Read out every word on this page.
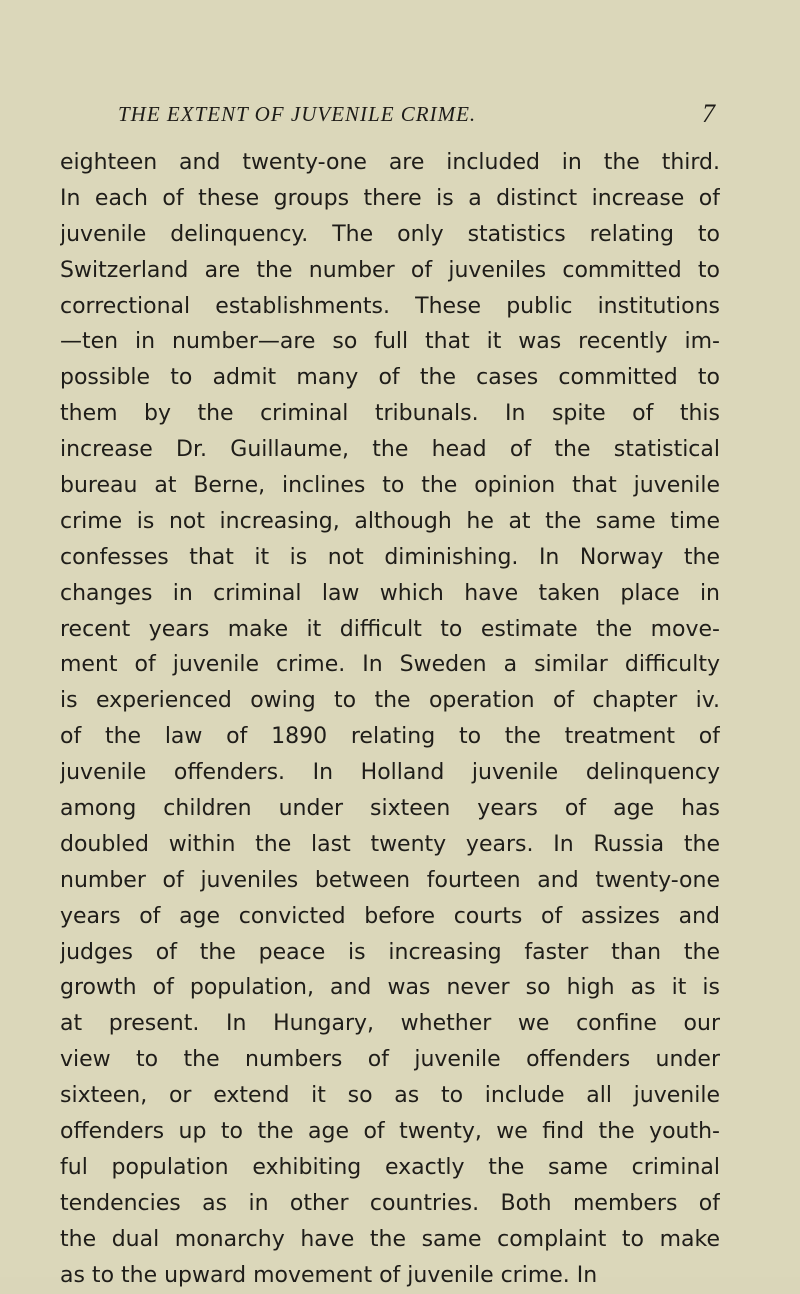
THE EXTENT OF JUVENILE CRIME.	7
eighteen and twenty-one are included in the third.
In each of these groups there is a distinct increase of
juvenile delinquency. The only statistics relating to
Switzerland are the number of juveniles committed to
correctional establishments. These public institutions
—ten in number—are so full that it was recently im-
possible to admit many of the cases committed to
them by the criminal tribunals. In spite of this
increase Dr. Guillaume, the head of the statistical
bureau at Berne, inclines to the opinion that juvenile
crime is not increasing, although he at the same time
confesses that it is not diminishing. In Norway the
changes in criminal law which have taken place in
recent years make it difficult to estimate the move-
ment of juvenile crime. In Sweden a similar difficulty
is experienced owing to the operation of chapter iv.
of the law of 1890 relating to the treatment of
juvenile offenders. In Holland juvenile delinquency
among children under sixteen years of age has
doubled within the last twenty years. In Russia the
number of juveniles between fourteen and twenty-one
years of age convicted before courts of assizes and
judges of the peace is increasing faster than the
growth of population, and was never so high as it is
at present. In Hungary, whether we confine our
view to the numbers of juvenile offenders under
sixteen, or extend it so as to include all juvenile
offenders up to the age of twenty, we find the youth-
ful population exhibiting exactly the same criminal
tendencies as in other countries. Both members of
the dual monarchy have the same complaint to make
as to the upward movement of juvenile crime. In
